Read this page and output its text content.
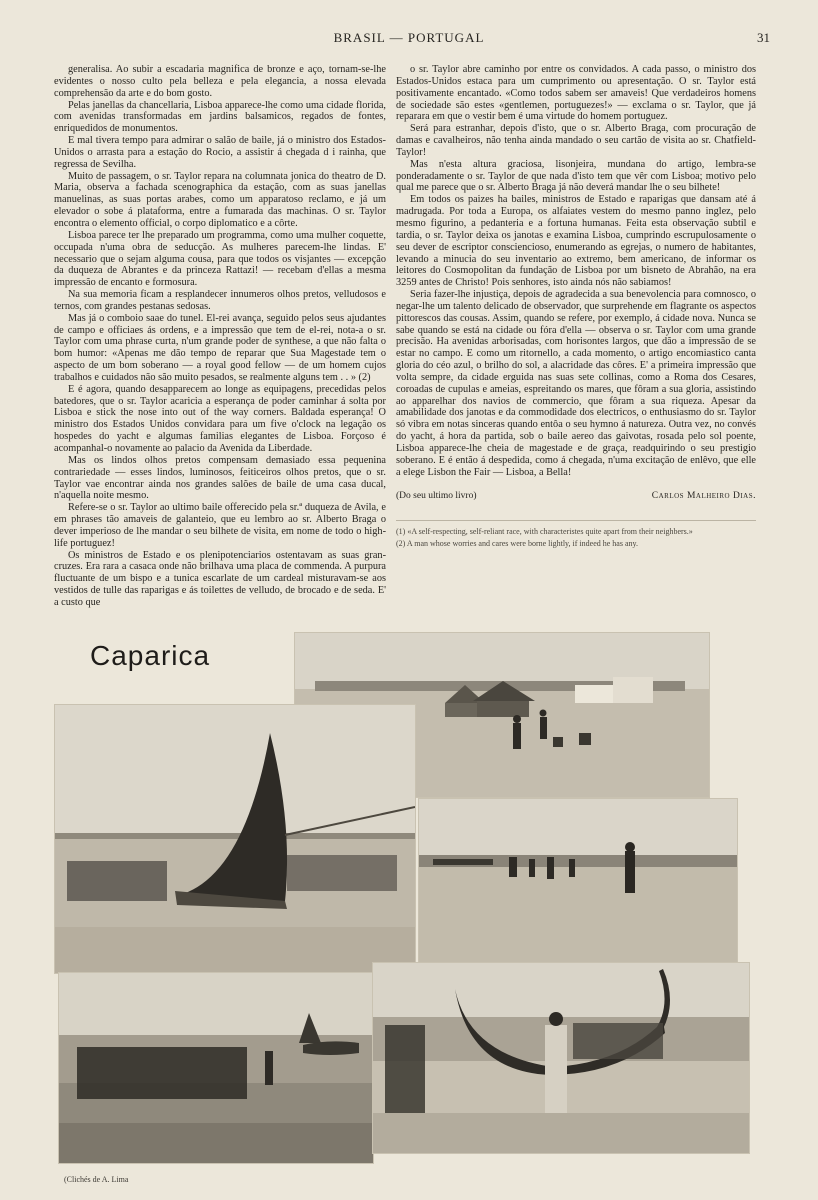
BRASIL — PORTUGAL	31

generalisa. Ao subir a escadaria magnifica de bronze e aço, tornam-se-lhe evidentes o nosso culto pela belleza e pela elegancia, a nossa elevada comprehensão da arte e do bom gosto.

Pelas janellas da chancellaria, Lisboa apparece-lhe como uma cidade florida, com avenidas transformadas em jardins balsamicos, regados de fontes, enriquedidos de monumentos.

E mal tivera tempo para admirar o salão de baile, já o ministro dos Estados-Unidos o arrasta para a estação do Rocio, a assistir á chegada d i rainha, que regressa de Sevilha.

Muito de passagem, o sr. Taylor repara na columnata jonica do theatro de D. Maria, observa a fachada scenographica da estação, com as suas janellas manuelinas, as suas portas arabes, como um apparatoso reclamo, e já um elevador o sobe á plataforma, entre a fumarada das machinas. O sr. Taylor encontra o elemento official, o corpo diplomatico e a côrte.

Lisboa parece ter lhe preparado um programma, como uma mulher coquette, occupada n'uma obra de seducção. As mulheres parecem-lhe lindas. E' necessario que o sejam alguma cousa, para que todos os visjantes — excepção da duqueza de Abrantes e da princeza Rattazi! — recebam d'ellas a mesma impressão de encanto e formosura.

Na sua memoria ficam a resplandecer innumeros olhos pretos, velludosos e ternos, com grandes pestanas sedosas.

Mas já o comboio saae do tunel. El-rei avança, seguido pelos seus ajudantes de campo e officiaes ás ordens, e a impressão que tem de el-rei, nota-a o sr. Taylor com uma phrase curta, n'um grande poder de synthese, a que não falta o bom humor: «Apenas me dão tempo de reparar que Sua Magestade tem o aspecto de um bom soberano — a royal good fellow — de um homem cujos trabalhos e cuidados não são muito pesados, se realmente alguns tem . . » (2)

E é agora, quando desapparecem ao longe as equipagens, precedidas pelos batedores, que o sr. Taylor acaricia a esperança de poder caminhar á solta por Lisboa e stick the nose into out of the way corners. Baldada esperança! O ministro dos Estados Unidos convidara para um five o'clock na legação os hospedes do yacht e algumas familias elegantes de Lisboa. Forçoso é acompanhal-o novamente ao palacio da Avenida da Liberdade.

Mas os lindos olhos pretos compensam demasiado essa pequenina contrariedade — esses lindos, luminosos, feiticeiros olhos pretos, que o sr. Taylor vae encontrar ainda nos grandes salões de baile de uma casa ducal, n'aquella noite mesmo.

Refere-se o sr. Taylor ao ultimo baile offerecido pela sr.ª duqueza de Avila, e em phrases tão amaveis de galanteio, que eu lembro ao sr. Alberto Braga o dever imperioso de lhe mandar o seu bilhete de visita, em nome de todo o high-life portuguez!

Os ministros de Estado e os plenipotenciarios ostentavam as suas gran-cruzes. Era rara a casaca onde não brilhava uma placa de commenda. A purpura fluctuante de um bispo e a tunica escarlate de um cardeal misturavam-se aos vestidos de tulle das raparigas e ás toilettes de velludo, de brocado e de seda. E' a custo que

o sr. Taylor abre caminho por entre os convidados. A cada passo, o ministro dos Estados-Unidos estaca para um cumprimento ou apresentação. O sr. Taylor está positivamente encantado. «Como todos sabem ser amaveis! Que verdadeiros homens de sociedade são estes «gentlemen, portuguezes!» — exclama o sr. Taylor, que já reparara em que o vestir bem é uma virtude do homem portuguez.

Será para estranhar, depois d'isto, que o sr. Alberto Braga, com procuração de damas e cavalheiros, não tenha ainda mandado o seu cartão de visita ao sr. Chatfield-Taylor!

Mas n'esta altura graciosa, lisonjeira, mundana do artigo, lembra-se ponderadamente o sr. Taylor de que nada d'isto tem que vêr com Lisboa; motivo pelo qual me parece que o sr. Alberto Braga já não deverá mandar lhe o seu bilhete!

Em todos os paizes ha bailes, ministros de Estado e raparigas que dansam até á madrugada. Por toda a Europa, os alfaiates vestem do mesmo panno inglez, pelo mesmo figurino, a pedanteria e a fortuna humanas. Feita esta observação subtil e tardia, o sr. Taylor deixa os janotas e examina Lisboa, cumprindo escrupulosamente o seu dever de escriptor consciencioso, enumerando as egrejas, o numero de habitantes, levando a minucia do seu inventario ao extremo, bem americano, de informar os leitores do Cosmopolitan da fundação de Lisboa por um bisneto de Abrahão, na era 3259 antes de Christo! Pois senhores, isto ainda nós não sabiamos!

Seria fazer-lhe injustiça, depois de agradecida a sua benevolencia para comnosco, o negar-lhe um talento delicado de observador, que surprehende em flagrante os aspectos pittorescos das cousas. Assim, quando se refere, por exemplo, á cidade nova. Nunca se sabe quando se está na cidade ou fóra d'ella — observa o sr. Taylor com uma grande precisão. Ha avenidas arborisadas, com horisontes largos, que dão a impressão de se estar no campo. E como um ritornello, a cada momento, o artigo encomiastico canta gloria do céo azul, o brilho do sol, a alacridade das côres. E' a primeira impressão que volta sempre, da cidade erguida nas suas sete collinas, como a Roma dos Cesares, coroadas de cupulas e ameias, espreitando os mares, que fôram a sua gloria, assistindo ao apparelhar dos navios de commercio, que fôram a sua riqueza. Apesar da amabilidade dos janotas e da commodidade dos electricos, o enthusiasmo do sr. Taylor só vibra em notas sinceras quando entôa o seu hymno á natureza. Outra vez, no convés do yacht, á hora da partida, sob o baile aereo das gaivotas, rosada pelo sol poente, Lisboa apparece-lhe cheia de magestade e de graça, readquirindo o seu prestigio soberano. E é então á despedida, como á chegada, n'uma excitação de enlêvo, que elle a elege Lisbon the Fair — Lisboa, a Bella!

(Do seu ultimo livro)	Carlos Malheiro Dias.

(1) «A self-respecting, self-reliant race, with characteristes quite apart from their neighbers.»

(2) A man whose worries and cares were borne lightly, if indeed he has any.

Caparica
(Clichés de A. Lima
